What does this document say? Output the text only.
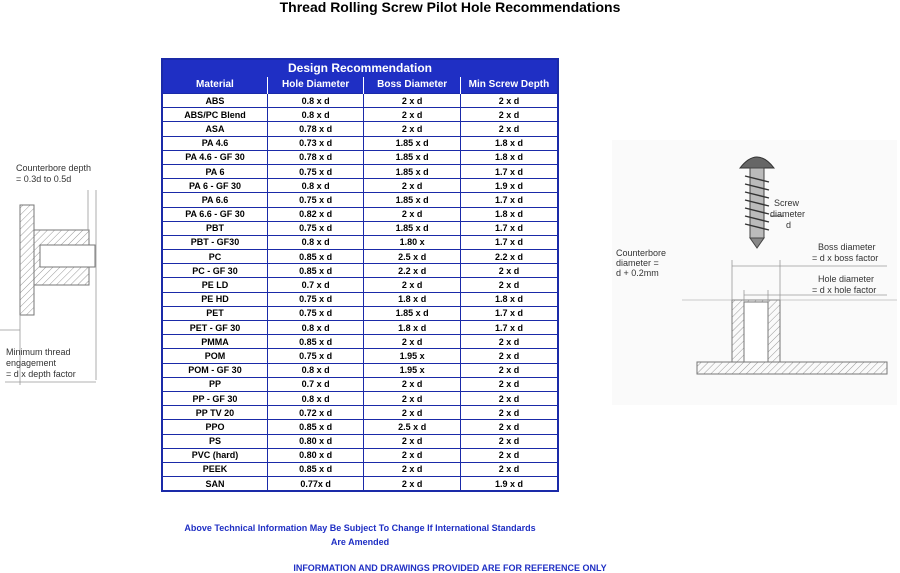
Thread Rolling Screw Pilot Hole Recommendations
Counterbore depth
= 0.3d to 0.5d
Minimum thread
engagement
= d x depth factor
Design Recommendation
Material	Hole Diameter	Boss Diameter	Min Screw Depth
ABS	0.8 x d	2 x d	2 x d
ABS/PC Blend	0.8 x d	2 x d	2 x d
ASA	0.78 x d	2 x d	2 x d
PA 4.6	0.73 x d	1.85 x d	1.8 x d
PA 4.6 - GF 30	0.78 x d	1.85 x d	1.8 x d
PA 6	0.75 x d	1.85 x d	1.7 x d
PA 6 - GF 30	0.8 x d	2 x d	1.9 x d
PA 6.6	0.75 x d	1.85 x d	1.7 x d
PA 6.6 - GF 30	0.82 x d	2 x d	1.8 x d
PBT	0.75 x d	1.85 x d	1.7 x d
PBT - GF30	0.8 x d	1.80 x	1.7 x d
PC	0.85 x d	2.5 x d	2.2 x d
PC - GF 30	0.85 x d	2.2 x d	2 x d
PE LD	0.7 x d	2 x d	2 x d
PE HD	0.75 x d	1.8 x d	1.8 x d
PET	0.75 x d	1.85 x d	1.7 x d
PET - GF 30	0.8 x d	1.8 x d	1.7 x d
PMMA	0.85 x d	2 x d	2 x d
POM	0.75 x d	1.95 x	2 x d
POM - GF 30	0.8 x d	1.95 x	2 x d
PP	0.7 x d	2 x d	2 x d
PP - GF 30	0.8 x d	2 x d	2 x d
PP TV 20	0.72 x d	2 x d	2 x d
PPO	0.85 x d	2.5 x d	2 x d
PS	0.80 x d	2 x d	2 x d
PVC (hard)	0.80 x d	2 x d	2 x d
PEEK	0.85 x d	2 x d	2 x d
SAN	0.77x d	2 x d	1.9 x d
Screw
diameter
d
Counterbore
diameter =
d + 0.2mm
Boss diameter
= d x boss factor
Hole diameter
= d x hole factor
Above Technical Information May Be Subject To Change If International Standards
Are Amended
INFORMATION AND DRAWINGS PROVIDED ARE FOR REFERENCE ONLY
